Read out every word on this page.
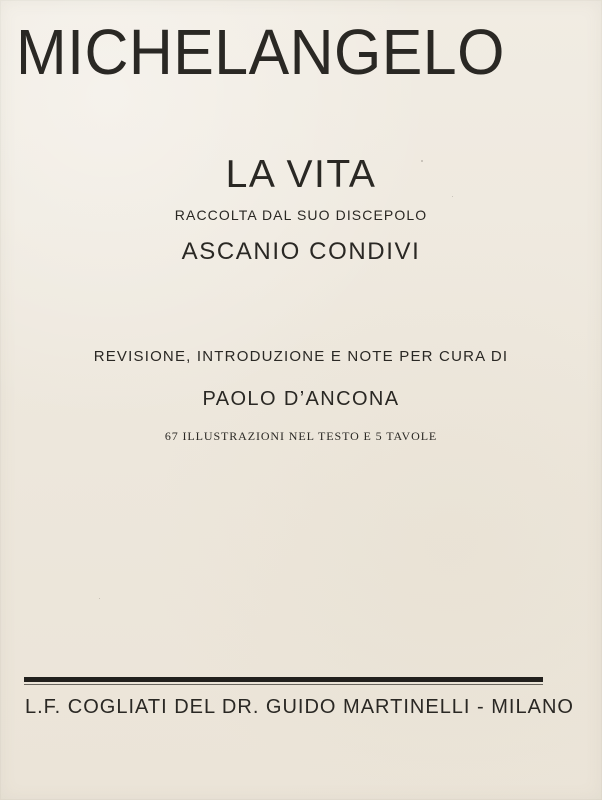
MICHELANGELO
LA VITA
RACCOLTA DAL SUO DISCEPOLO
ASCANIO CONDIVI
REVISIONE, INTRODUZIONE E NOTE PER CURA DI
PAOLO D’ANCONA
67 ILLUSTRAZIONI NEL TESTO E 5 TAVOLE
L.F. COGLIATI DEL DR. GUIDO MARTINELLI - MILANO
